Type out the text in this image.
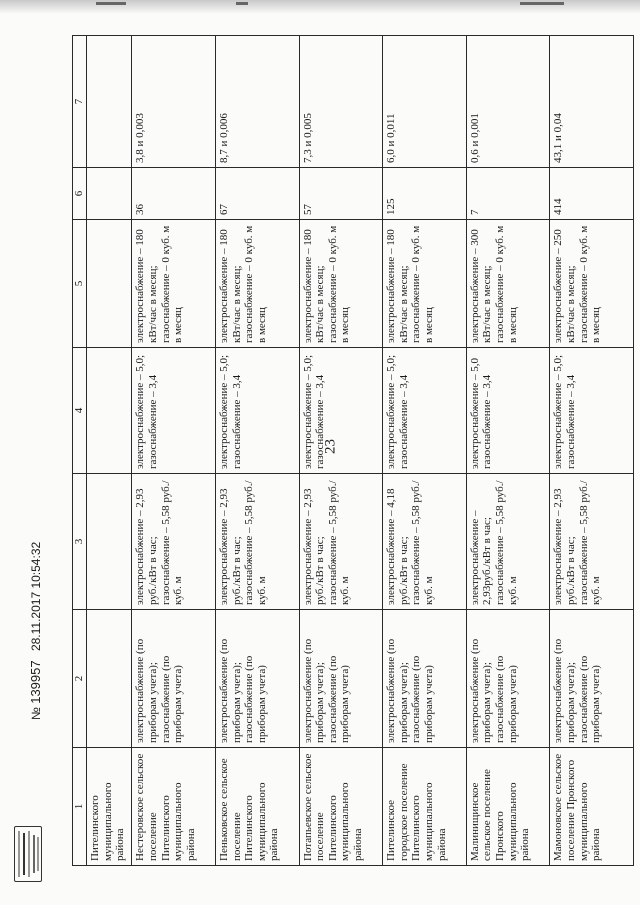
23
1	2	3	4	5	6	7
Пителинского муниципального района						
Нестеровское сельское поселение Пителинского муниципального района	электроснабжение (по приборам учета); газоснабжение (по приборам учета)	электроснабжение – 2,93 руб./кВт в час; газоснабжение – 5,58 руб./куб. м	электроснабжение – 5,0; газоснабжение – 3,4	электроснабжение – 180 кВт/час в месяц; газоснабжение – 0 куб. м в месяц	36	3,8 и 0,003
Пеньковское сельское поселение Пителинского муниципального района	электроснабжение (по приборам учета); газоснабжение (по приборам учета)	электроснабжение – 2,93 руб./кВт в час; газоснабжение – 5,58 руб./куб. м	электроснабжение – 5,0; газоснабжение – 3,4	электроснабжение – 180 кВт/час в месяц; газоснабжение – 0 куб. м в месяц	67	8,7 и 0,006
Потапьевское сельское поселение Пителинского муниципального района	электроснабжение (по приборам учета); газоснабжение (по приборам учета)	электроснабжение – 2,93 руб./кВт в час; газоснабжение – 5,58 руб./куб. м	электроснабжение – 5,0; газоснабжение – 3,4	электроснабжение – 180 кВт/час в месяц; газоснабжение – 0 куб. м в месяц	57	7,3 и 0,005
Пителинское городское поселение Пителинского муниципального района	электроснабжение (по приборам учета); газоснабжение (по приборам учета)	электроснабжение – 4,18 руб./кВт в час; газоснабжение – 5,58 руб./куб. м	электроснабжение – 5,0; газоснабжение – 3,4	электроснабжение – 180 кВт/час в месяц; газоснабжение – 0 куб. м в месяц	125	6,0 и 0,011
Малинищинское сельское поселение Пронского муниципального района	электроснабжение (по приборам учета); газоснабжение (по приборам учета)	электроснабжение – 2,93руб./кВт в час; газоснабжение – 5,58 руб./куб. м	электроснабжение – 5,0 газоснабжение – 3,4	электроснабжение – 300 кВт/час в месяц; газоснабжение – 0 куб. м в месяц	7	0,6 и 0,001
Мамоновское сельское поселение Пронского муниципального района	электроснабжение (по приборам учета); газоснабжение (по приборам учета)	электроснабжение – 2,93 руб./кВт в час; газоснабжение – 5,58 руб./куб. м	электроснабжение – 5,0; газоснабжение – 3,4	электроснабжение – 250 кВт/час в месяц; газоснабжение – 0 куб. м в месяц	414	43,1 и 0,04
№ 139957 28.11.2017 10:54:32
